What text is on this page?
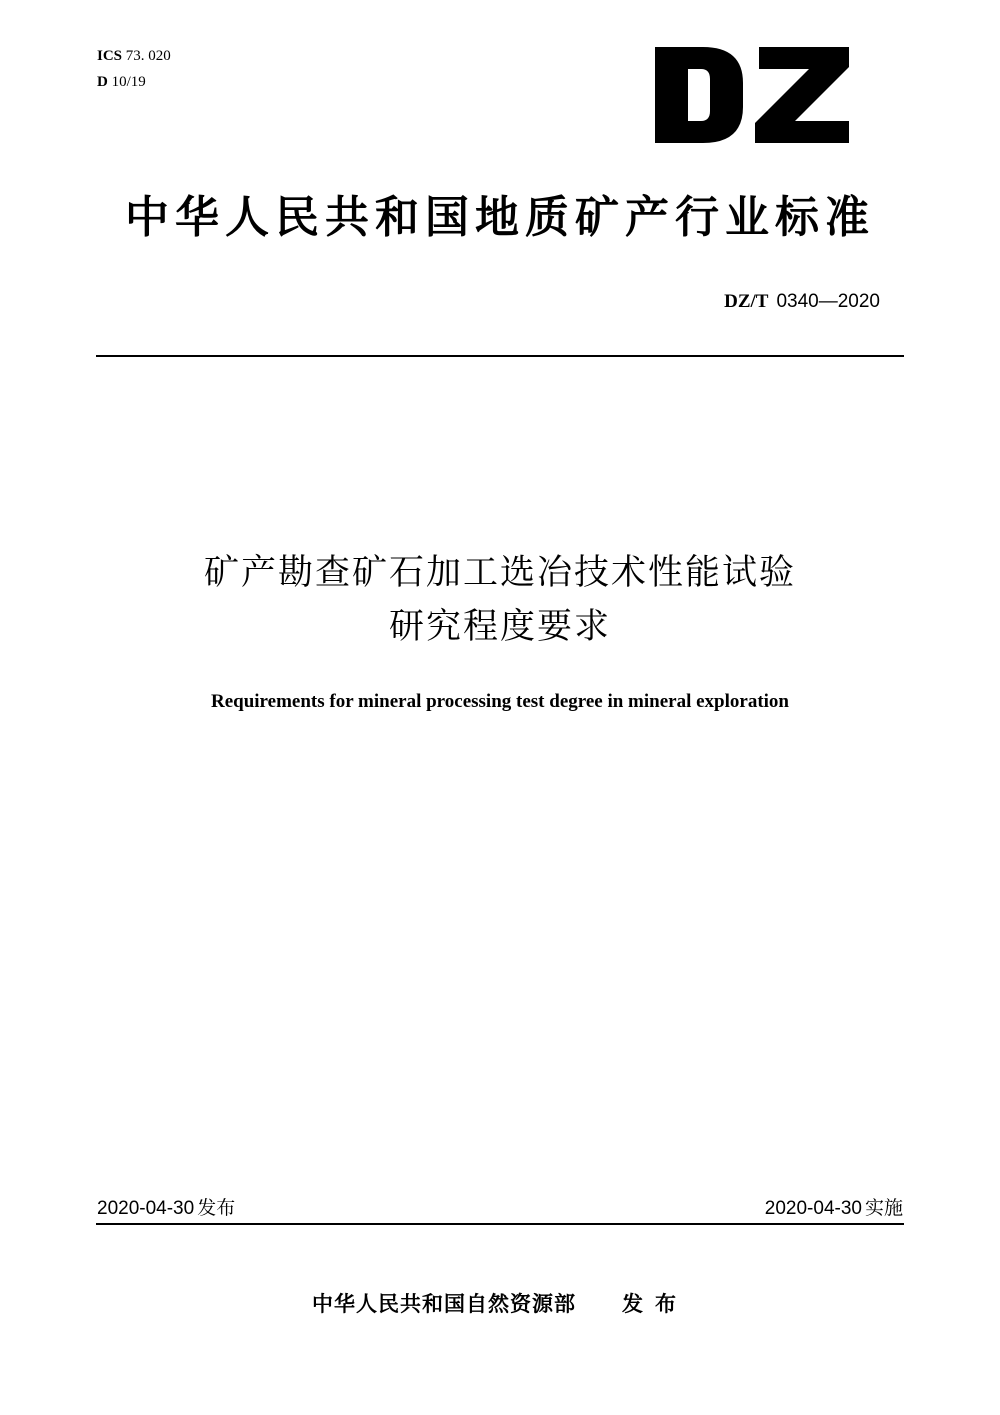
ICS 73. 020
D 10/19
中华人民共和国地质矿产行业标准
DZ/T 0340—2020
矿产勘查矿石加工选冶技术性能试验
研究程度要求
Requirements for mineral processing test degree in mineral exploration
2020-04-30 发布	2020-04-30 实施
中华人民共和国自然资源部 发布
